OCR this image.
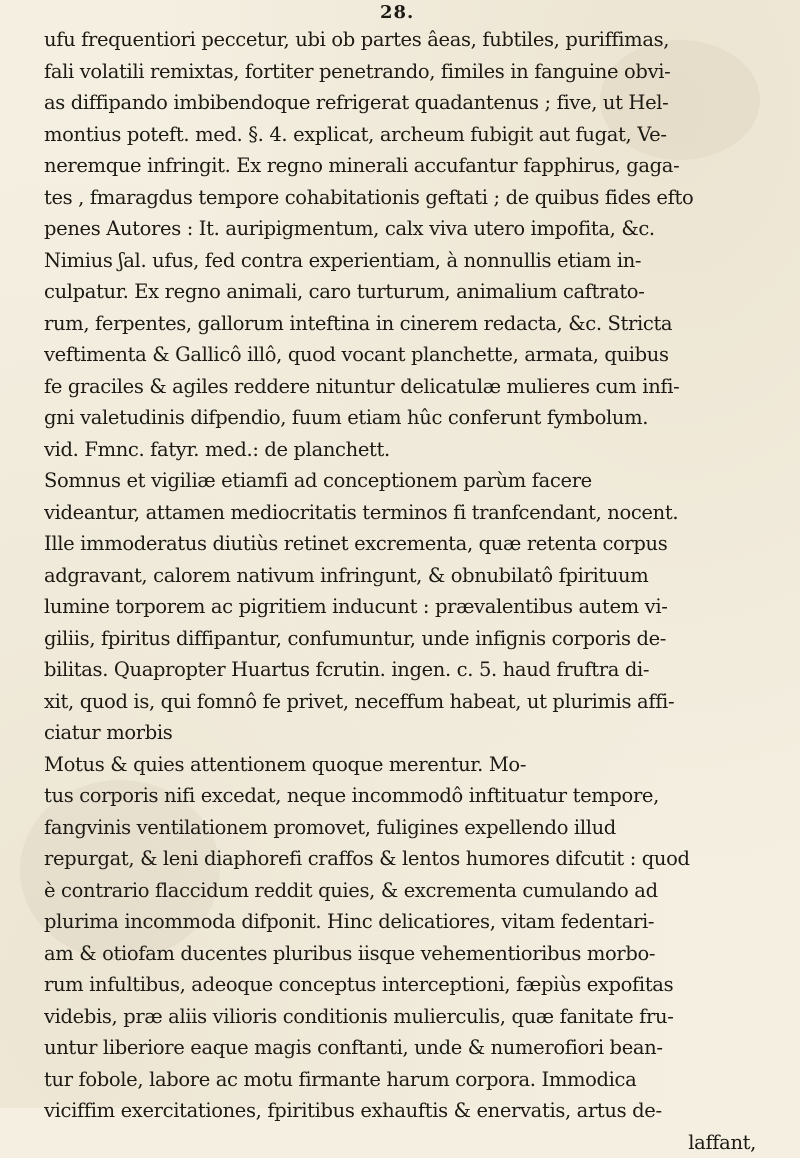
28.
ufu frequentiori peccetur, ubi ob partes âeas, fubtiles, puriffimas,
fali volatili remixtas, fortiter penetrando, fimiles in fanguine obvi-
as diffipando imbibendoque refrigerat quadantenus ; five, ut Hel-
montius poteft. med. §. 4. explicat, archeum fubigit aut fugat, Ve-
neremque infringit. Ex regno minerali accufantur fapphirus, gaga-
tes , fmaragdus tempore cohabitationis geftati ; de quibus fides efto
penes Autores : It. auripigmentum, calx viva utero impofita, &c.
Nimius ʃal. ufus, fed contra experientiam, à nonnullis etiam in-
culpatur. Ex regno animali, caro turturum, animalium caftrato-
rum, ferpentes, gallorum inteftina in cinerem redacta, &c. Stricta
veftimenta & Gallicô illô, quod vocant planchette, armata, quibus
fe graciles & agiles reddere nituntur delicatulæ mulieres cum infi-
gni valetudinis difpendio, fuum etiam hûc conferunt fymbolum.
vid. Fmnc. fatyr. med.: de planchett.
Somnus et vigiliæ etiamfi ad conceptionem parùm facere
videantur, attamen mediocritatis terminos fi tranfcendant, nocent.
Ille immoderatus diutiùs retinet excrementa, quæ retenta corpus
adgravant, calorem nativum infringunt, & obnubilatô fpirituum
lumine torporem ac pigritiem inducunt : prævalentibus autem vi-
giliis, fpiritus diffipantur, confumuntur, unde infignis corporis de-
bilitas. Quapropter Huartus fcrutin. ingen. c. 5. haud fruftra di-
xit, quod is, qui fomnô fe privet, neceffum habeat, ut plurimis affi-
ciatur morbis
Motus & quies attentionem quoque merentur. Mo-
tus corporis nifi excedat, neque incommodô inftituatur tempore,
fangvinis ventilationem promovet, fuligines expellendo illud
repurgat, & leni diaphorefi craffos & lentos humores difcutit : quod
è contrario flaccidum reddit quies, & excrementa cumulando ad
plurima incommoda difponit. Hinc delicatiores, vitam fedentari-
am & otiofam ducentes pluribus iisque vehementioribus morbo-
rum infultibus, adeoque conceptus interceptioni, fæpiùs expofitas
videbis, præ aliis vilioris conditionis mulierculis, quæ fanitate fru-
untur liberiore eaque magis conftanti, unde & numerofiori bean-
tur fobole, labore ac motu firmante harum corpora. Immodica
viciffim exercitationes, fpiritibus exhauftis & enervatis, artus de-
laffant,
